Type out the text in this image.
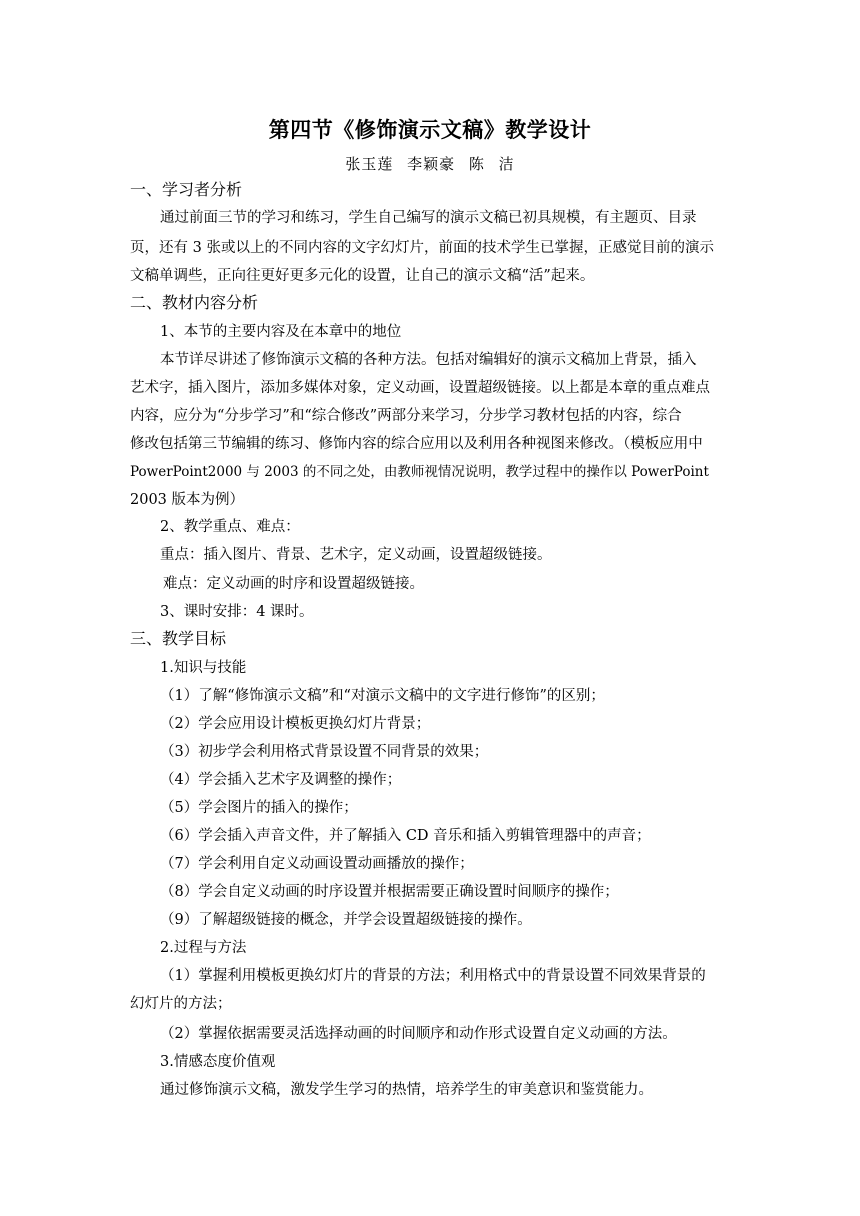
第四节《修饰演示文稿》教学设计
张玉莲 李颖豪 陈 洁
一、学习者分析
通过前面三节的学习和练习，学生自己编写的演示文稿已初具规模，有主题页、目录
页，还有 3 张或以上的不同内容的文字幻灯片，前面的技术学生已掌握，正感觉目前的演示
文稿单调些，正向往更好更多元化的设置，让自己的演示文稿“活”起来。
二、教材内容分析
1、本节的主要内容及在本章中的地位
本节详尽讲述了修饰演示文稿的各种方法。包括对编辑好的演示文稿加上背景，插入
艺术字，插入图片，添加多媒体对象，定义动画，设置超级链接。以上都是本章的重点难点
内容，应分为“分步学习”和“综合修改”两部分来学习，分步学习教材包括的内容，综合
修改包括第三节编辑的练习、修饰内容的综合应用以及利用各种视图来修改。（模板应用中
PowerPoint2000 与 2003 的不同之处，由教师视情况说明，教学过程中的操作以 PowerPoint
2003 版本为例）
2、教学重点、难点：
重点：插入图片、背景、艺术字，定义动画，设置超级链接。
难点：定义动画的时序和设置超级链接。
3、课时安排：4 课时。
三、教学目标
1.知识与技能
（1）了解“修饰演示文稿”和“对演示文稿中的文字进行修饰”的区别；
（2）学会应用设计模板更换幻灯片背景；
（3）初步学会利用格式背景设置不同背景的效果；
（4）学会插入艺术字及调整的操作；
（5）学会图片的插入的操作；
（6）学会插入声音文件，并了解插入 CD 音乐和插入剪辑管理器中的声音；
（7）学会利用自定义动画设置动画播放的操作；
（8）学会自定义动画的时序设置并根据需要正确设置时间顺序的操作；
（9）了解超级链接的概念，并学会设置超级链接的操作。
2.过程与方法
（1）掌握利用模板更换幻灯片的背景的方法；利用格式中的背景设置不同效果背景的
幻灯片的方法；
（2）掌握依据需要灵活选择动画的时间顺序和动作形式设置自定义动画的方法。
3.情感态度价值观
通过修饰演示文稿，激发学生学习的热情，培养学生的审美意识和鉴赏能力。
